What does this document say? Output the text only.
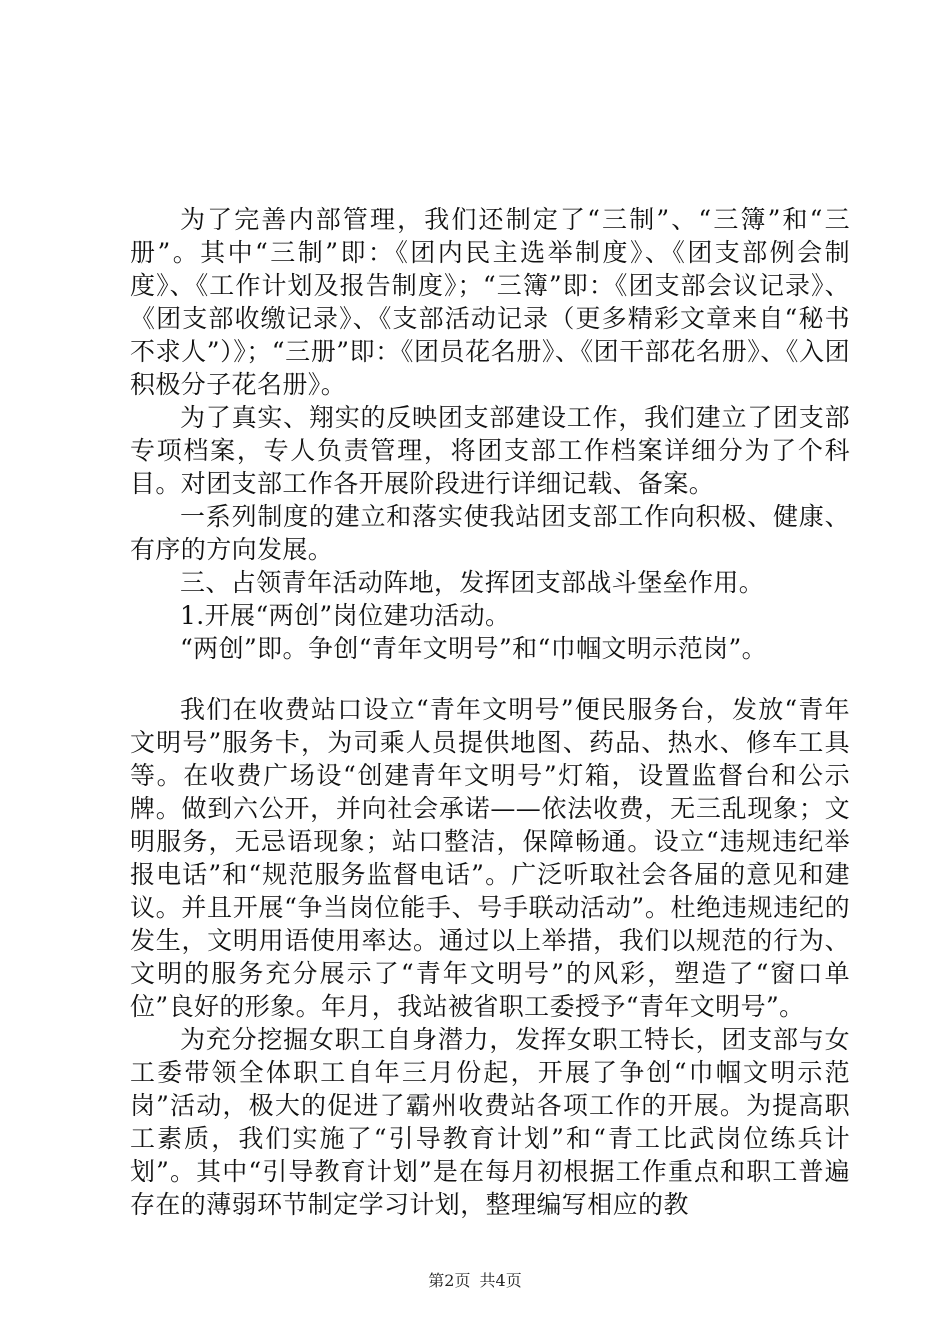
为了完善内部管理，我们还制定了“三制”、“三簿”和“三册”。其中“三制”即：《团内民主选举制度》、《团支部例会制度》、《工作计划及报告制度》；“三簿”即：《团支部会议记录》、《团支部收缴记录》、《支部活动记录（更多精彩文章来自“秘书不求人”）》；“三册”即：《团员花名册》、《团干部花名册》、《入团积极分子花名册》。

为了真实、翔实的反映团支部建设工作，我们建立了团支部专项档案，专人负责管理，将团支部工作档案详细分为了个科目。对团支部工作各开展阶段进行详细记载、备案。

一系列制度的建立和落实使我站团支部工作向积极、健康、有序的方向发展。

三、占领青年活动阵地，发挥团支部战斗堡垒作用。

1.开展“两创”岗位建功活动。

“两创”即。争创“青年文明号”和“巾帼文明示范岗”。

我们在收费站口设立“青年文明号”便民服务台，发放“青年文明号”服务卡，为司乘人员提供地图、药品、热水、修车工具等。在收费广场设“创建青年文明号”灯箱，设置监督台和公示牌。做到六公开，并向社会承诺——依法收费，无三乱现象；文明服务，无忌语现象；站口整洁，保障畅通。设立“违规违纪举报电话”和“规范服务监督电话”。广泛听取社会各届的意见和建议。并且开展“争当岗位能手、号手联动活动”。杜绝违规违纪的发生，文明用语使用率达。通过以上举措，我们以规范的行为、文明的服务充分展示了“青年文明号”的风彩，塑造了“窗口单位”良好的形象。年月，我站被省职工委授予“青年文明号”。

为充分挖掘女职工自身潜力，发挥女职工特长，团支部与女工委带领全体职工自年三月份起，开展了争创“巾帼文明示范岗”活动，极大的促进了霸州收费站各项工作的开展。为提高职工素质，我们实施了“引导教育计划”和“青工比武岗位练兵计划”。其中“引导教育计划”是在每月初根据工作重点和职工普遍存在的薄弱环节制定学习计划，整理编写相应的教

第2页 共4页
